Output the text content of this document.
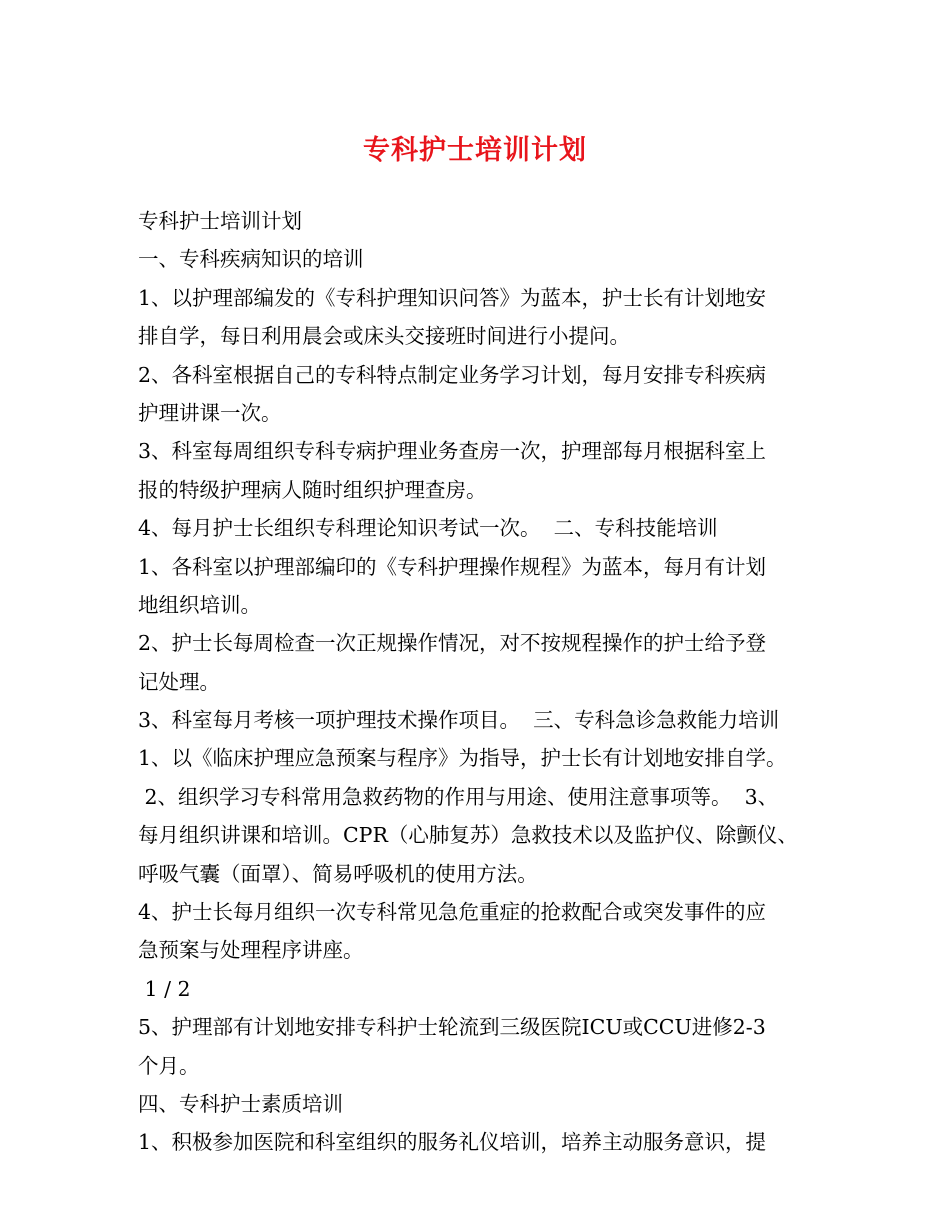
专科护士培训计划
专科护士培训计划
一、专科疾病知识的培训
1、以护理部编发的《专科护理知识问答》为蓝本，护士长有计划地安
排自学，每日利用晨会或床头交接班时间进行小提问。
2、各科室根据自己的专科特点制定业务学习计划，每月安排专科疾病
护理讲课一次。
3、科室每周组织专科专病护理业务查房一次，护理部每月根据科室上
报的特级护理病人随时组织护理查房。
4、每月护士长组织专科理论知识考试一次。  二、专科技能培训
1、各科室以护理部编印的《专科护理操作规程》为蓝本，每月有计划
地组织培训。
2、护士长每周检查一次正规操作情况，对不按规程操作的护士给予登
记处理。
3、科室每月考核一项护理技术操作项目。  三、专科急诊急救能力培训
1、以《临床护理应急预案与程序》为指导，护士长有计划地安排自学。
2、组织学习专科常用急救药物的作用与用途、使用注意事项等。  3、
每月组织讲课和培训。CPR（心肺复苏）急救技术以及监护仪、除颤仪、
呼吸气囊（面罩）、简易呼吸机的使用方法。
4、护士长每月组织一次专科常见急危重症的抢救配合或突发事件的应
急预案与处理程序讲座。
1 / 2
5、护理部有计划地安排专科护士轮流到三级医院ICU或CCU进修2-3
个月。
四、专科护士素质培训
1、积极参加医院和科室组织的服务礼仪培训，培养主动服务意识，提
